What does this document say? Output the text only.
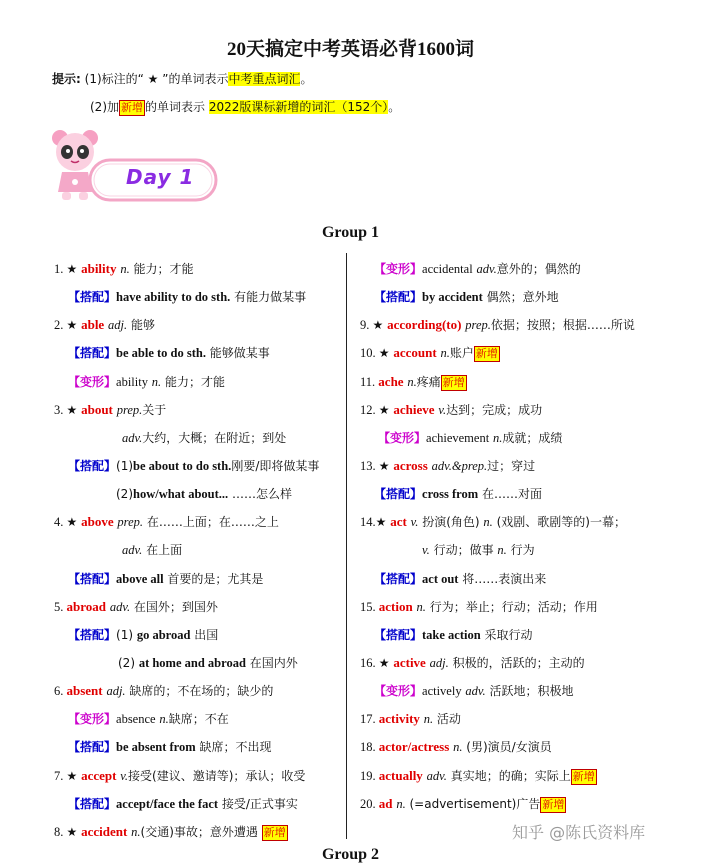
20天搞定中考英语必背1600词
提示: (1)标注的“ ★ ”的单词表示中考重点词汇。
(2)加 新增 的单词表示 2022版课标新增的词汇（152个）。
Day 1
Group 1
1. ★ ability n. 能力；才能
【搭配】have ability to do sth. 有能力做某事
2. ★ able adj. 能够
【搭配】be able to do sth. 能够做某事
【变形】ability n. 能力；才能
3. ★ about prep.关于
adv.大约，大概；在附近；到处
【搭配】(1)be about to do sth.刚要/即将做某事
(2)how/what about... ……怎么样
4. ★ above prep. 在……上面；在……之上
adv. 在上面
【搭配】above all 首要的是；尤其是
5. abroad adv. 在国外；到国外
【搭配】(1) go abroad 出国
(2) at home and abroad 在国内外
6. absent adj. 缺席的；不在场的；缺少的
【变形】absence n.缺席；不在
【搭配】be absent from 缺席；不出现
7. ★ accept v.接受(建议、邀请等)；承认；收受
【搭配】accept/face the fact 接受/正式事实
8. ★ accident n.(交通)事故；意外遭遇 新增
【变形】accidental adv.意外的；偶然的
【搭配】by accident 偶然；意外地
9. ★ according(to) prep.依据；按照；根据……所说
10. ★ account n.账户 新增
11. ache n.疼痛 新增
12. ★ achieve v.达到；完成；成功
【变形】achievement n.成就；成绩
13. ★ across adv.&prep.过；穿过
【搭配】cross from 在……对面
14.★ act v. 扮演(角色) n. (戏剧、歌剧等的)一幕；
v. 行动；做事 n. 行为
【搭配】act out 将……表演出来
15. action n. 行为；举止；行动；活动；作用
【搭配】take action 采取行动
16. ★ active adj. 积极的，活跃的；主动的
【变形】actively adv. 活跃地；积极地
17. activity n. 活动
18. actor/actress n. (男)演员/女演员
19. actually adv. 真实地；的确；实际上 新增
20. ad n. (=advertisement)广告 新增
知乎 @陈氏资料库
Group 2
